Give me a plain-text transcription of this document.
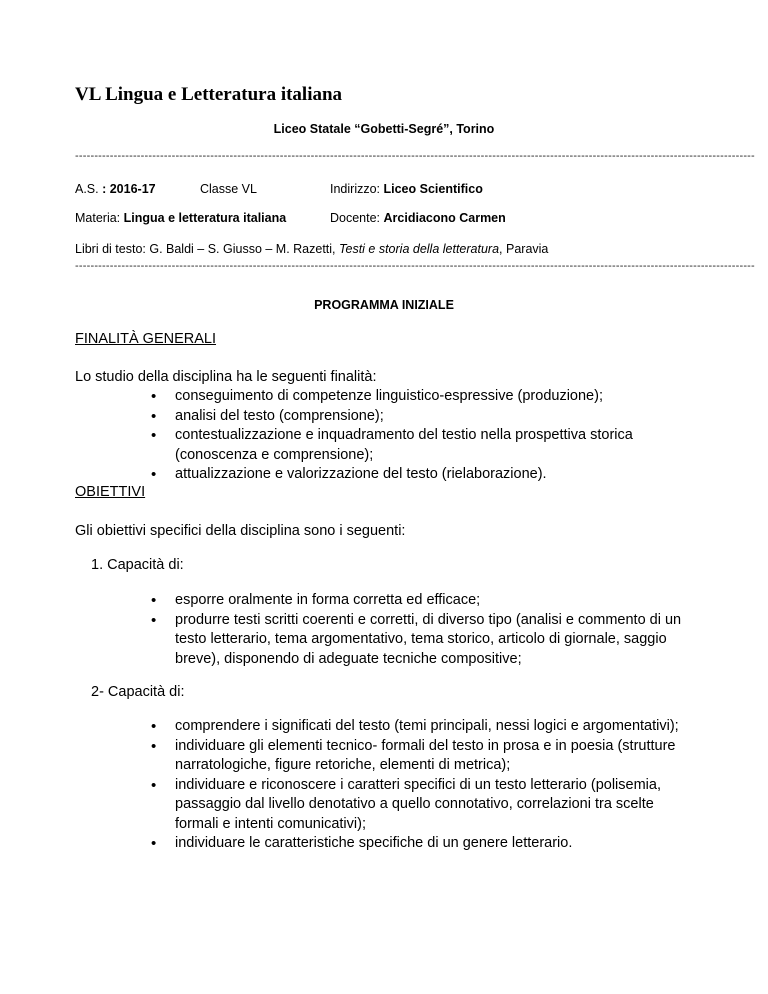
VL Lingua e Letteratura italiana
Liceo Statale “Gobetti-Segré”, Torino
--------------------------------------------------------------------------------------------------------------------------------------------------------------------------------
A.S. : 2016-17	Classe VL	Indirizzo: Liceo Scientifico
Materia: Lingua e letteratura italiana	Docente: Arcidiacono Carmen
Libri di testo: G. Baldi – S. Giusso – M. Razetti, Testi e storia della letteratura, Paravia
--------------------------------------------------------------------------------------------------------------------------------------------------------------------------------
PROGRAMMA INIZIALE
FINALITÀ GENERALI
Lo studio della disciplina ha le seguenti finalità:
• conseguimento di competenze linguistico-espressive (produzione);
• analisi del testo (comprensione);
• contestualizzazione e inquadramento del testio nella prospettiva storica
(conoscenza e comprensione);
• attualizzazione e valorizzazione del testo (rielaborazione).
OBIETTIVI
Gli obiettivi specifici della disciplina sono i seguenti:
1. Capacità di:
• esporre oralmente in forma corretta ed efficace;
• produrre testi scritti coerenti e corretti, di diverso tipo (analisi e commento di un
testo letterario, tema argomentativo, tema storico, articolo di giornale, saggio
breve), disponendo di adeguate tecniche compositive;
2- Capacità di:
• comprendere i significati del testo (temi principali, nessi logici e argomentativi);
• individuare gli elementi tecnico- formali del testo in prosa e in poesia (strutture
narratologiche, figure retoriche, elementi di metrica);
• individuare e riconoscere i caratteri specifici di un testo letterario (polisemia,
passaggio dal livello denotativo a quello connotativo, correlazioni tra scelte
formali e intenti comunicativi);
• individuare le caratteristiche specifiche di un genere letterario.
